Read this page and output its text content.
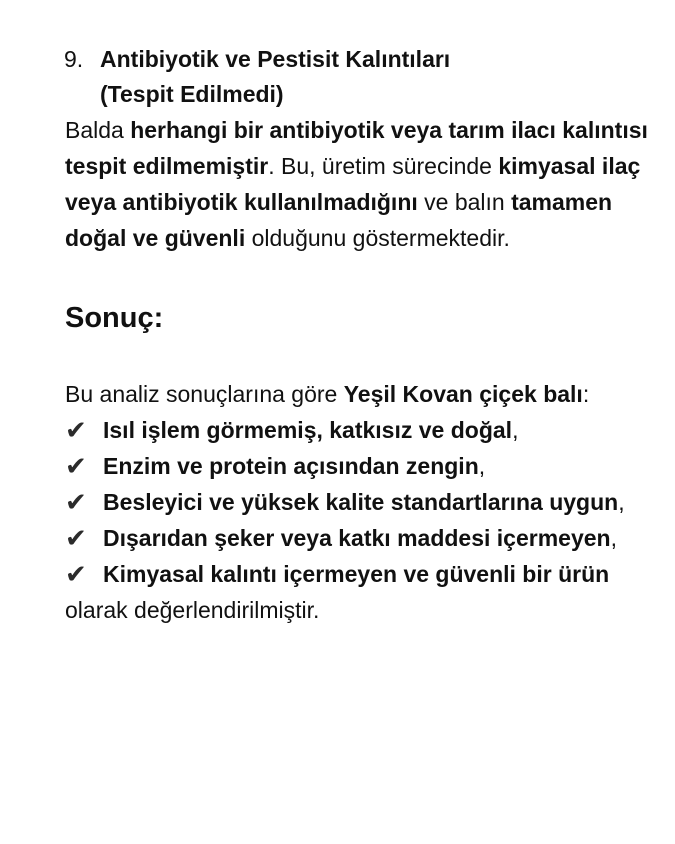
9. Antibiyotik ve Pestisit Kalıntıları
(Tespit Edilmedi)

Balda herhangi bir antibiyotik veya tarım ilacı kalıntısı tespit edilmemiştir. Bu, üretim sürecinde kimyasal ilaç veya antibiyotik kullanılmadığını ve balın tamamen doğal ve güvenli olduğunu göstermektedir.

Sonuç:

Bu analiz sonuçlarına göre Yeşil Kovan çiçek balı:

✔ Isıl işlem görmemiş, katkısız ve doğal,
✔ Enzim ve protein açısından zengin,
✔ Besleyici ve yüksek kalite standartlarına uygun,
✔ Dışarıdan şeker veya katkı maddesi içermeyen,
✔ Kimyasal kalıntı içermeyen ve güvenli bir ürün olarak değerlendirilmiştir.
